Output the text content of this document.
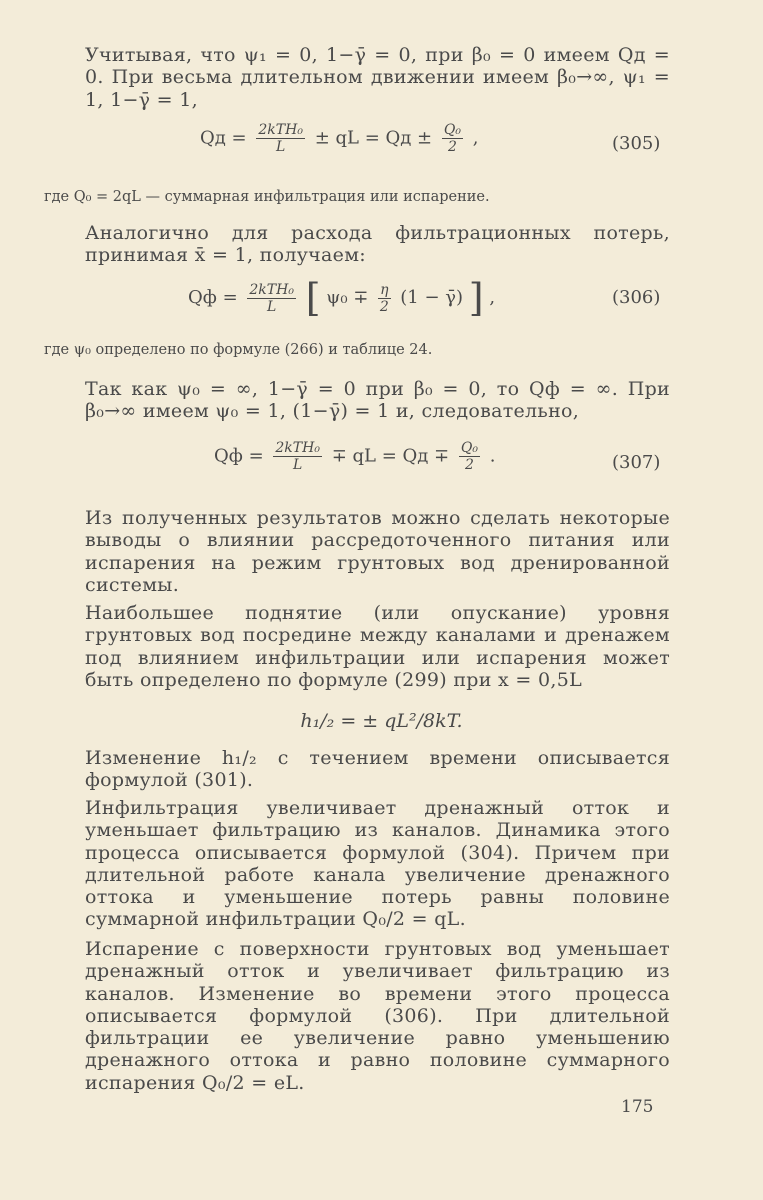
Учитывая, что ψ₁ = 0, 1−γ̄ = 0, при β₀ = 0 имеем Qд = 0. При весьма длительном движении имеем β₀→∞, ψ₁ = 1, 1−γ̄ = 1,

Qд = $\frac{\text{2kTH₀}}{L}$ ± qL = Qд ± $\frac{\text{Q₀}}{2}$ ,	(305)

где Q₀ = 2qL — суммарная инфильтрация или испарение.

Аналогично для расхода фильтрационных потерь, принимая x̄ = 1, получаем:

Qф = $\frac{\text{2kTH₀}}{L}$ [ $\psi_0 \mp \frac{\eta}{2} (1$ − γ̄) ] ,	(306)

где ψ₀ определено по формуле (266) и таблице 24.

Так как ψ₀ = ∞, 1−γ̄ = 0 при β₀ = 0, то Qф = ∞. При β₀→∞ имеем ψ₀ = 1, (1−γ̄) = 1 и, следовательно,

Qф = $\frac{\text{2kTH₀}}{L}$ ∓ qL = Qд ∓ $\frac{\text{Q₀}}{2}$ .	(307)

Из полученных результатов можно сделать некоторые выводы о влиянии рассредоточенного питания или испарения на режим грунтовых вод дренированной системы.

Наибольшее поднятие (или опускание) уровня грунтовых вод посредине между каналами и дренажем под влиянием инфильтрации или испарения может быть определено по формуле (299) при x = 0,5L

h₁/₂ = ± qL²/8kT.

Изменение h₁/₂ с течением времени описывается формулой (301).

Инфильтрация увеличивает дренажный отток и уменьшает фильтрацию из каналов. Динамика этого процесса описывается формулой (304). Причем при длительной работе канала увеличение дренажного оттока и уменьшение потерь равны половине суммарной инфильтрации Q₀/2 = qL.

Испарение с поверхности грунтовых вод уменьшает дренажный отток и увеличивает фильтрацию из каналов. Изменение во времени этого процесса описывается формулой (306). При длительной фильтрации ее увеличение равно уменьшению дренажного оттока и равно половине суммарного испарения Q₀/2 = eL.

175
